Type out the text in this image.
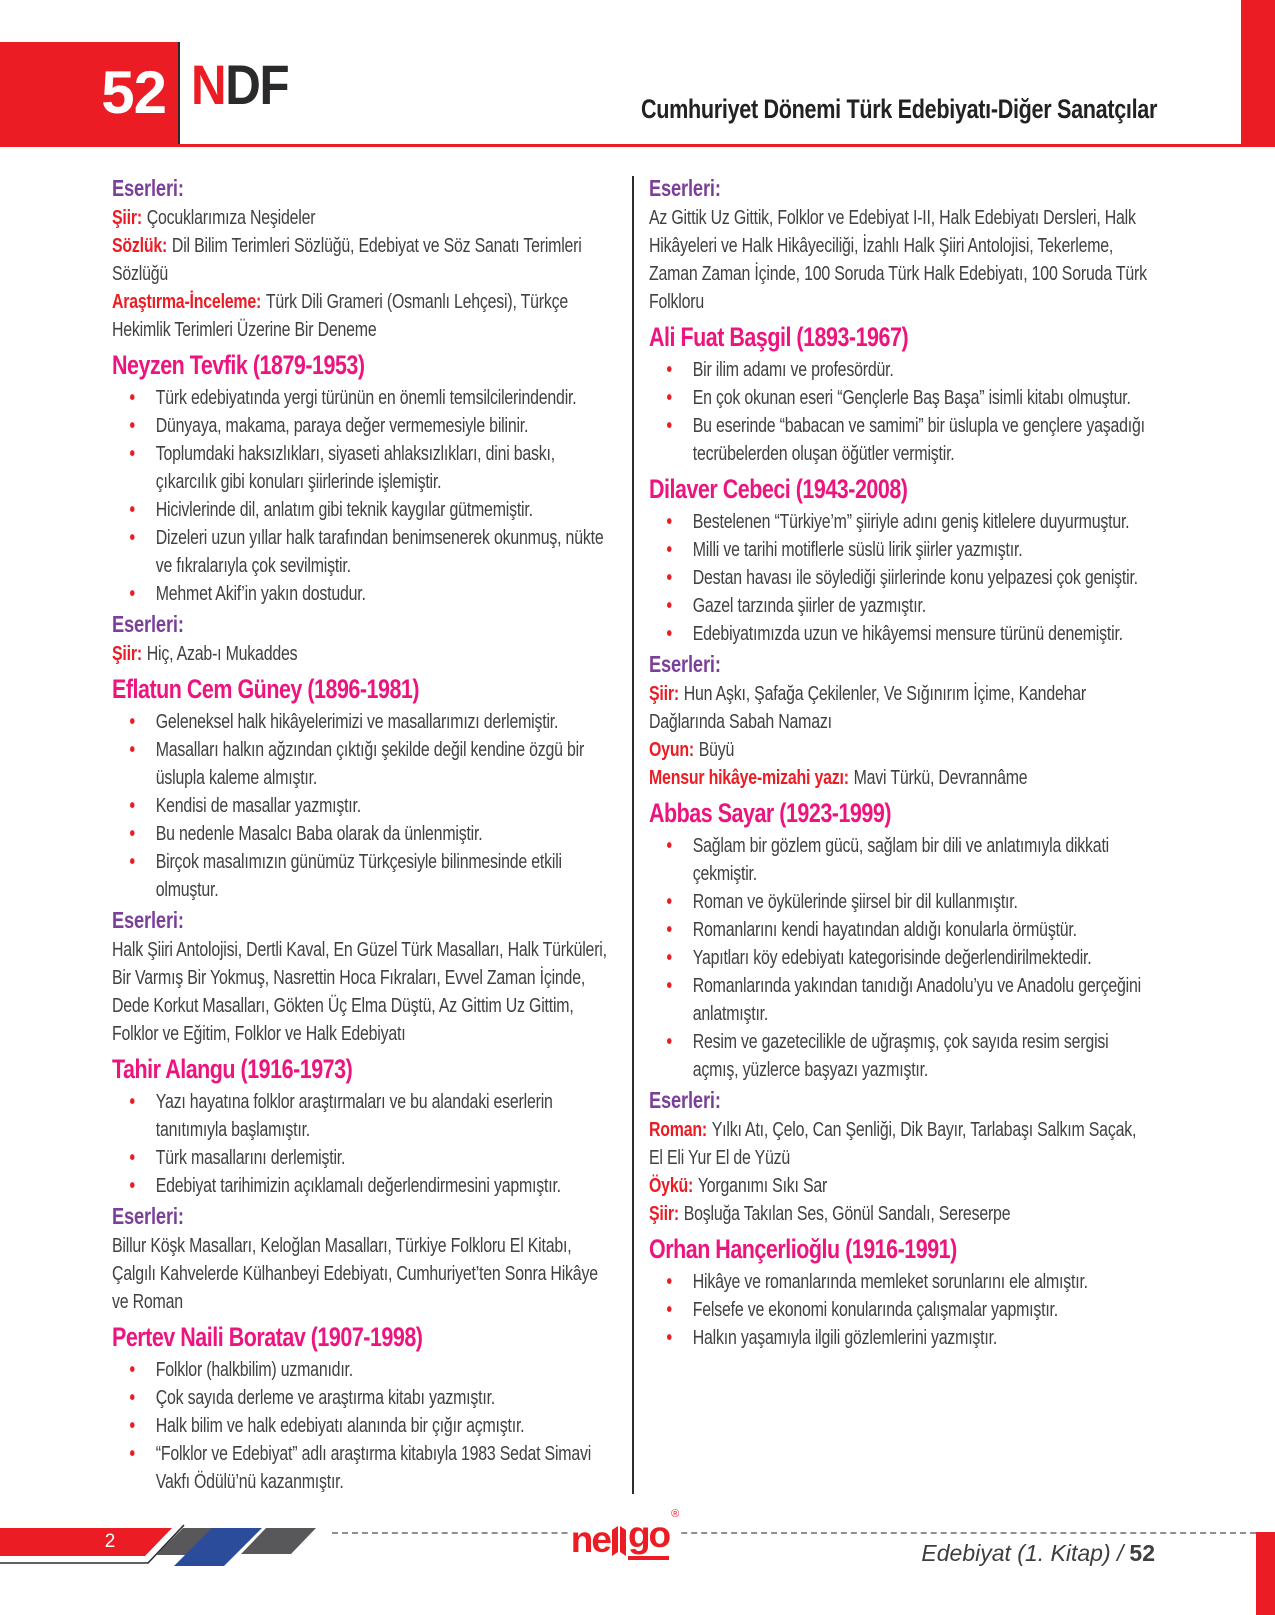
52 NDF	Cumhuriyet Dönemi Türk Edebiyatı-Diğer Sanatçılar
Eserleri:

Şiir: Çocuklarımıza Neşideler

Sözlük: Dil Bilim Terimleri Sözlüğü, Edebiyat ve Söz Sanatı Terimleri Sözlüğü

Araştırma-İnceleme: Türk Dili Grameri (Osmanlı Lehçesi), Türkçe Hekimlik Terimleri Üzerine Bir Deneme

Neyzen Tevfik (1879-1953)
• Türk edebiyatında yergi türünün en önemli temsilcilerindendir.
• Dünyaya, makama, paraya değer vermemesiyle bilinir.
• Toplumdaki haksızlıkları, siyaseti ahlaksızlıkları, dini baskı, çıkarcılık gibi konuları şiirlerinde işlemiştir.
• Hicivlerinde dil, anlatım gibi teknik kaygılar gütmemiştir.
• Dizeleri uzun yıllar halk tarafından benimsenerek okunmuş, nükte ve fıkralarıyla çok sevilmiştir.
• Mehmet Akif’in yakın dostudur.
Eserleri:

Şiir: Hiç, Azab-ı Mukaddes

Eflatun Cem Güney (1896-1981)
• Geleneksel halk hikâyelerimizi ve masallarımızı derlemiştir.
• Masalları halkın ağzından çıktığı şekilde değil kendine özgü bir üslupla kaleme almıştır.
• Kendisi de masallar yazmıştır.
• Bu nedenle Masalcı Baba olarak da ünlenmiştir.
• Birçok masalımızın günümüz Türkçesiyle bilinmesinde etkili olmuştur.
Eserleri:

Halk Şiiri Antolojisi, Dertli Kaval, En Güzel Türk Masalları, Halk Türküleri, Bir Varmış Bir Yokmuş, Nasrettin Hoca Fıkraları, Evvel Zaman İçinde, Dede Korkut Masalları, Gökten Üç Elma Düştü, Az Gittim Uz Gittim, Folklor ve Eğitim, Folklor ve Halk Edebiyatı

Tahir Alangu (1916-1973)
• Yazı hayatına folklor araştırmaları ve bu alandaki eserlerin tanıtımıyla başlamıştır.
• Türk masallarını derlemiştir.
• Edebiyat tarihimizin açıklamalı değerlendirmesini yapmıştır.
Eserleri:

Billur Köşk Masalları, Keloğlan Masalları, Türkiye Folkloru El Kitabı, Çalgılı Kahvelerde Külhanbeyi Edebiyatı, Cumhuriyet’ten Sonra Hikâye ve Roman

Pertev Naili Boratav (1907-1998)
• Folklor (halkbilim) uzmanıdır.
• Çok sayıda derleme ve araştırma kitabı yazmıştır.
• Halk bilim ve halk edebiyatı alanında bir çığır açmıştır.
• “Folklor ve Edebiyat” adlı araştırma kitabıyla 1983 Sedat Simavi Vakfı Ödülü’nü kazanmıştır.
Eserleri:

Az Gittik Uz Gittik, Folklor ve Edebiyat I-II, Halk Edebiyatı Dersleri, Halk Hikâyeleri ve Halk Hikâyeciliği, İzahlı Halk Şiiri Antolojisi, Tekerleme, Zaman Zaman İçinde, 100 Soruda Türk Halk Edebiyatı, 100 Soruda Türk Folkloru

Ali Fuat Başgil (1893-1967)
• Bir ilim adamı ve profesördür.
• En çok okunan eseri “Gençlerle Baş Başa” isimli kitabı olmuştur.
• Bu eserinde “babacan ve samimi” bir üslupla ve gençlere yaşadığı tecrübelerden oluşan öğütler vermiştir.
Dilaver Cebeci (1943-2008)
• Bestelenen “Türkiye’m” şiiriyle adını geniş kitlelere duyurmuştur.
• Milli ve tarihi motiflerle süslü lirik şiirler yazmıştır.
• Destan havası ile söylediği şiirlerinde konu yelpazesi çok geniştir.
• Gazel tarzında şiirler de yazmıştır.
• Edebiyatımızda uzun ve hikâyemsi mensure türünü denemiştir.
Eserleri:

Şiir: Hun Aşkı, Şafağa Çekilenler, Ve Sığınırım İçime, Kandehar Dağlarında Sabah Namazı

Oyun: Büyü

Mensur hikâye-mizahi yazı: Mavi Türkü, Devrannâme

Abbas Sayar (1923-1999)
• Sağlam bir gözlem gücü, sağlam bir dili ve anlatımıyla dikkati çekmiştir.
• Roman ve öykülerinde şiirsel bir dil kullanmıştır.
• Romanlarını kendi hayatından aldığı konularla örmüştür.
• Yapıtları köy edebiyatı kategorisinde değerlendirilmektedir.
• Romanlarında yakından tanıdığı Anadolu’yu ve Anadolu gerçeğini anlatmıştır.
• Resim ve gazetecilikle de uğraşmış, çok sayıda resim sergisi açmış, yüzlerce başyazı yazmıştır.
Eserleri:

Roman: Yılkı Atı, Çelo, Can Şenliği, Dik Bayır, Tarlabaşı Salkım Saçak, El Eli Yur El de Yüzü

Öykü: Yorganımı Sıkı Sar

Şiir: Boşluğa Takılan Ses, Gönül Sandalı, Sereserpe

Orhan Hançerlioğlu (1916-1991)
• Hikâye ve romanlarında memleket sorunlarını ele almıştır.
• Felsefe ve ekonomi konularında çalışmalar yapmıştır.
• Halkın yaşamıyla ilgili gözlemlerini yazmıştır.
2	ne go ®
Edebiyat (1. Kitap) / 52
